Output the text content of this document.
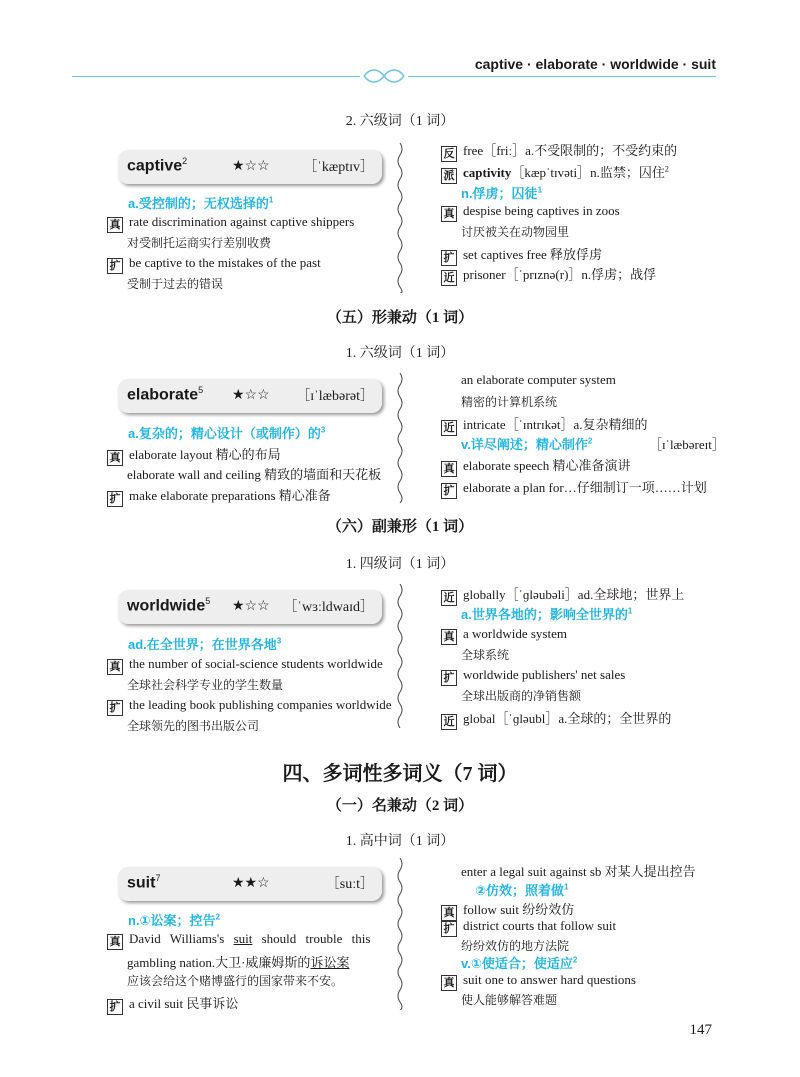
captive · elaborate · worldwide · suit
2. 六级词（1 词）
captive$^2$	★☆☆ ［ˈkæptɪv］
a.受控制的；无权选择的$^1$
真 rate discrimination against captive shippers
对受制托运商实行差别收费
扩 be captive to the mistakes of the past
受制于过去的错误
反 free［friː］a.不受限制的；不受约束的
派 captivity［kæpˈtɪvəti］n.监禁；囚住$^2$
n.俘虏；囚徒$^1$
真 despise being captives in zoos
讨厌被关在动物园里
扩 set captives free 释放俘虏
近 prisoner［ˈprɪznə(r)］n.俘虏；战俘
（五）形兼动（1 词）
1. 六级词（1 词）
elaborate$^5$ ★☆☆ ［ɪˈlæbərət］
a.复杂的；精心设计（或制作）的$^3$
真 elaborate layout 精心的布局
elaborate wall and ceiling 精致的墙面和天花板
扩 make elaborate preparations 精心准备
an elaborate computer system
精密的计算机系统
近 intricate［ˈɪntrɪkət］a.复杂精细的
v.详尽阐述；精心制作$^2$	［ɪˈlæbəreɪt］
真 elaborate speech 精心准备演讲
扩 elaborate a plan for…仔细制订一项……计划
（六）副兼形（1 词）
1. 四级词（1 词）
worldwide$^5$ ★☆☆ ［ˈwɜːldwaɪd］
ad.在全世界；在世界各地$^3$
真 the number of social-science students worldwide
全球社会科学专业的学生数量
扩 the leading book publishing companies worldwide
全球领先的图书出版公司
近 globally［ˈɡləubəli］ad.全球地；世界上
a.世界各地的；影响全世界的$^1$
真 a worldwide system
全球系统
扩 worldwide publishers' net sales
全球出版商的净销售额
近 global［ˈɡləubl］a.全球的；全世界的
四、多词性多词义（7 词）
（一）名兼动（2 词）
1. 高中词（1 词）
suit$^7$	★★☆	［suːt］
n.①讼案；控告$^2$
真 David Williams's suit should trouble this
gambling nation.大卫·威廉姆斯的诉讼案
应该会给这个赌博盛行的国家带来不安。
扩 a civil suit 民事诉讼
enter a legal suit against sb 对某人提出控告
②仿效；照着做$^1$
真 follow suit 纷纷效仿
扩 district courts that follow suit
纷纷效仿的地方法院
v.①使适合；使适应$^2$
真 suit one to answer hard questions
使人能够解答难题
147
